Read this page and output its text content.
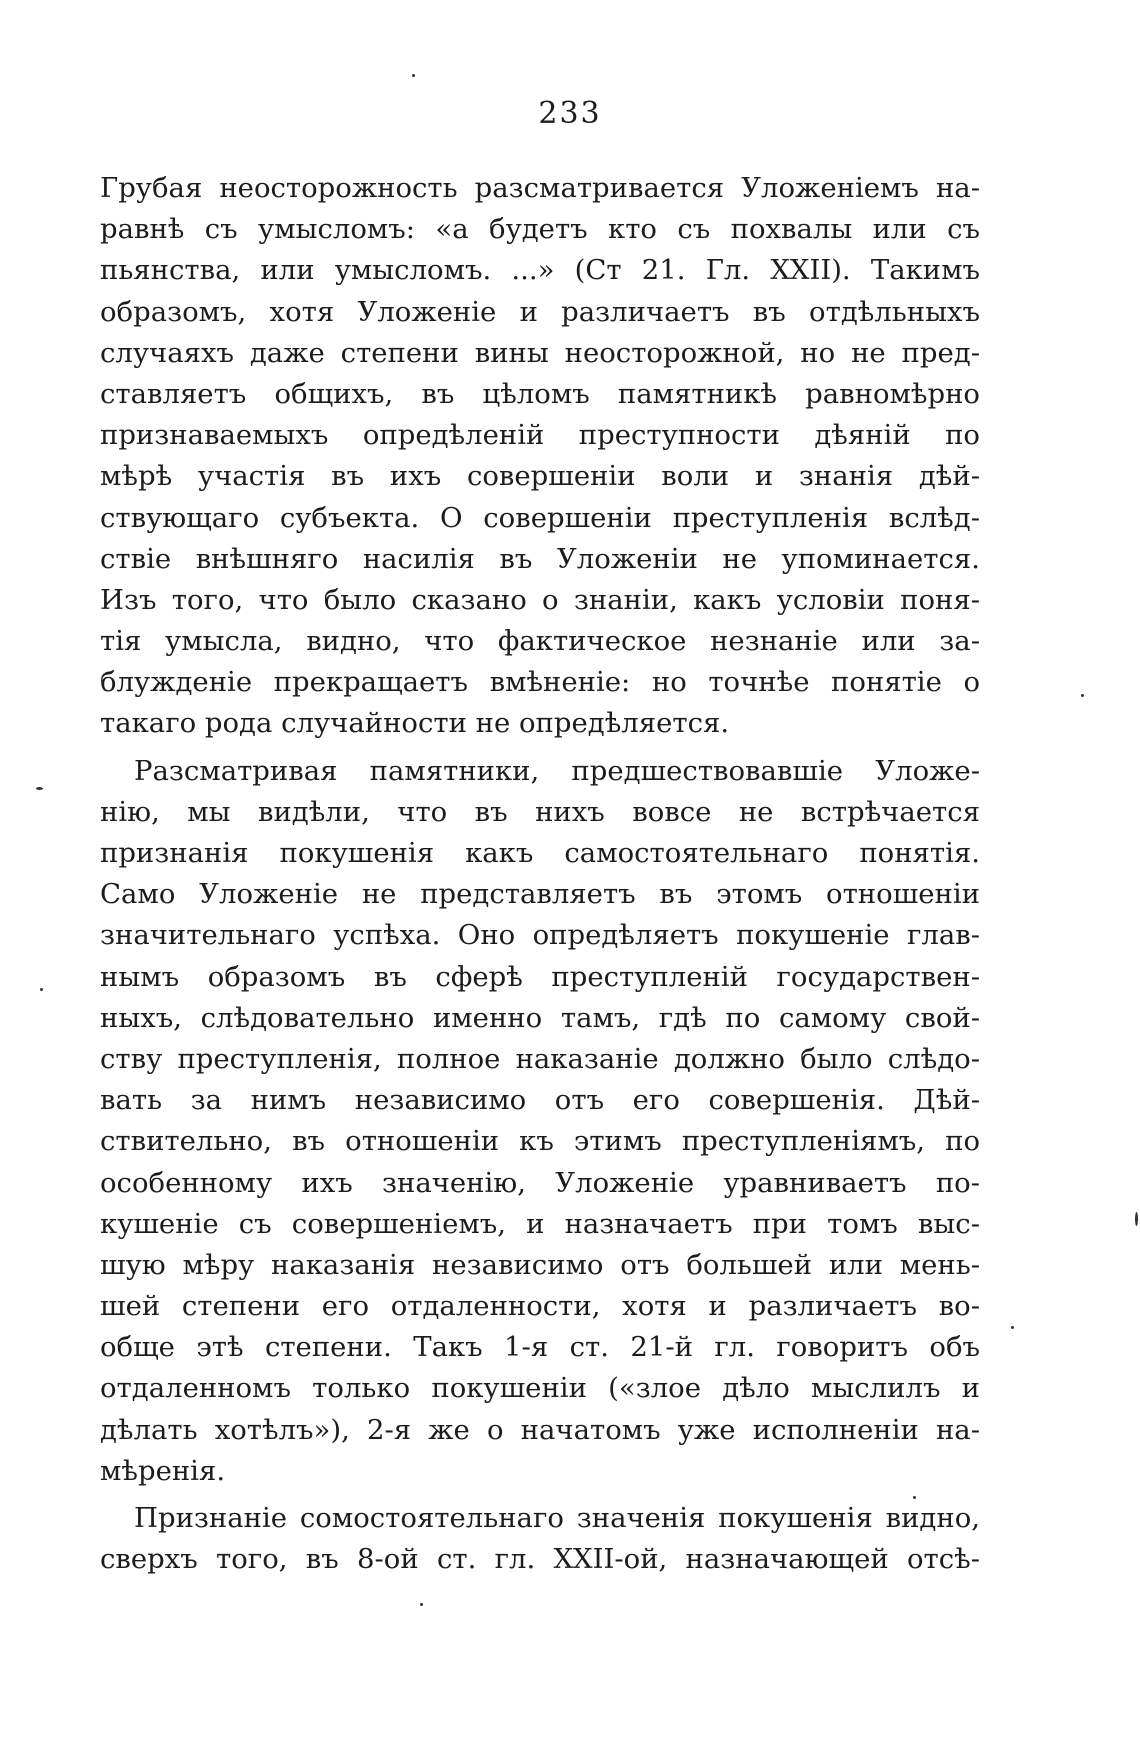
233
Грубая неосторожность разсматривается Уложеніемъ на-
равнѣ съ умысломъ: «а будетъ кто съ похвалы или съ
пьянства, или умысломъ. ...» (Ст 21. Гл. XXII). Такимъ
образомъ, хотя Уложеніе и различаетъ въ отдѣльныхъ
случаяхъ даже степени вины неосторожной, но не пред-
ставляетъ общихъ, въ цѣломъ памятникѣ равномѣрно
признаваемыхъ опредѣленій преступности дѣяній по
мѣрѣ участія въ ихъ совершеніи воли и знанія дѣй-
ствующаго субъекта. О совершеніи преступленія вслѣд-
ствіе внѣшняго насилія въ Уложеніи не упоминается.
Изъ того, что было сказано о знаніи, какъ условіи поня-
тія умысла, видно, что фактическое незнаніе или за-
блужденіе прекращаетъ вмѣненіе: но точнѣе понятіе о
такаго рода случайности не опредѣляется.
Разсматривая памятники, предшествовавшіе Уложе-
нію, мы видѣли, что въ нихъ вовсе не встрѣчается
признанія покушенія какъ самостоятельнаго понятія.
Само Уложеніе не представляетъ въ этомъ отношеніи
значительнаго успѣха. Оно опредѣляетъ покушеніе глав-
нымъ образомъ въ сферѣ преступленій государствен-
ныхъ, слѣдовательно именно тамъ, гдѣ по самому свой-
ству преступленія, полное наказаніе должно было слѣдо-
вать за нимъ независимо отъ его совершенія. Дѣй-
ствительно, въ отношеніи къ этимъ преступленіямъ, по
особенному ихъ значенію, Уложеніе уравниваетъ по-
кушеніе съ совершеніемъ, и назначаетъ при томъ выс-
шую мѣру наказанія независимо отъ большей или мень-
шей степени его отдаленности, хотя и различаетъ во-
обще этѣ степени. Такъ 1-я ст. 21-й гл. говоритъ объ
отдаленномъ только покушеніи («злое дѣло мыслилъ и
дѣлать хотѣлъ»), 2-я же о начатомъ уже исполненіи на-
мѣренія.
Признаніе сомостоятельнаго значенія покушенія видно,
сверхъ того, въ 8-ой ст. гл. XXII-ой, назначающей отсѣ-
